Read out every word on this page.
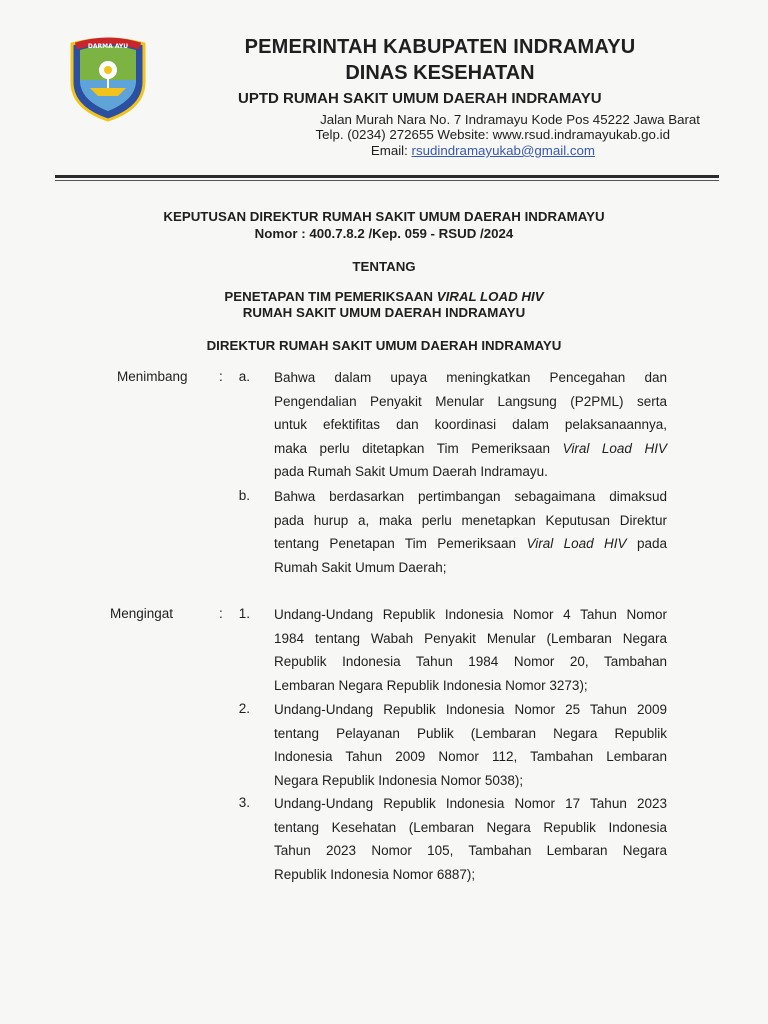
DARMA AYU	PEMERINTAH KABUPATEN INDRAMAYU

DINAS KESEHATAN

UPTD RUMAH SAKIT UMUM DAERAH INDRAMAYU
Jalan Murah Nara No. 7 Indramayu Kode Pos 45222 Jawa Barat
Telp. (0234) 272655 Website: www.rsud.indramayukab.go.id
Email: rsudindramayukab@gmail.com
KEPUTUSAN DIREKTUR RUMAH SAKIT UMUM DAERAH INDRAMAYU
Nomor : 400.7.8.2 /Kep. 059 - RSUD /2024
TENTANG
PENETAPAN TIM PEMERIKSAAN VIRAL LOAD HIV
RUMAH SAKIT UMUM DAERAH INDRAMAYU
DIREKTUR RUMAH SAKIT UMUM DAERAH INDRAMAYU
Menimbang :	a. Bahwa dalam upaya meningkatkan Pencegahan dan
Pengendalian Penyakit Menular Langsung (P2PML) serta
untuk efektifitas dan koordinasi dalam pelaksanaannya,
maka perlu ditetapkan Tim Pemeriksaan Viral Load HIV
pada Rumah Sakit Umum Daerah Indramayu.
b. Bahwa berdasarkan pertimbangan sebagaimana dimaksud
pada hurup a, maka perlu menetapkan Keputusan Direktur
tentang Penetapan Tim Pemeriksaan Viral Load HIV pada
Rumah Sakit Umum Daerah;
Mengingat	:	1. Undang-Undang Republik Indonesia Nomor 4 Tahun Nomor
1984 tentang Wabah Penyakit Menular (Lembaran Negara
Republik Indonesia Tahun 1984 Nomor 20, Tambahan
Lembaran Negara Republik Indonesia Nomor 3273);
2. Undang-Undang Republik Indonesia Nomor 25 Tahun 2009
tentang Pelayanan Publik (Lembaran Negara Republik
Indonesia Tahun 2009 Nomor 112, Tambahan Lembaran
Negara Republik Indonesia Nomor 5038);
3. Undang-Undang Republik Indonesia Nomor 17 Tahun 2023
tentang Kesehatan (Lembaran Negara Republik Indonesia
Tahun 2023 Nomor 105, Tambahan Lembaran Negara
Republik Indonesia Nomor 6887);
